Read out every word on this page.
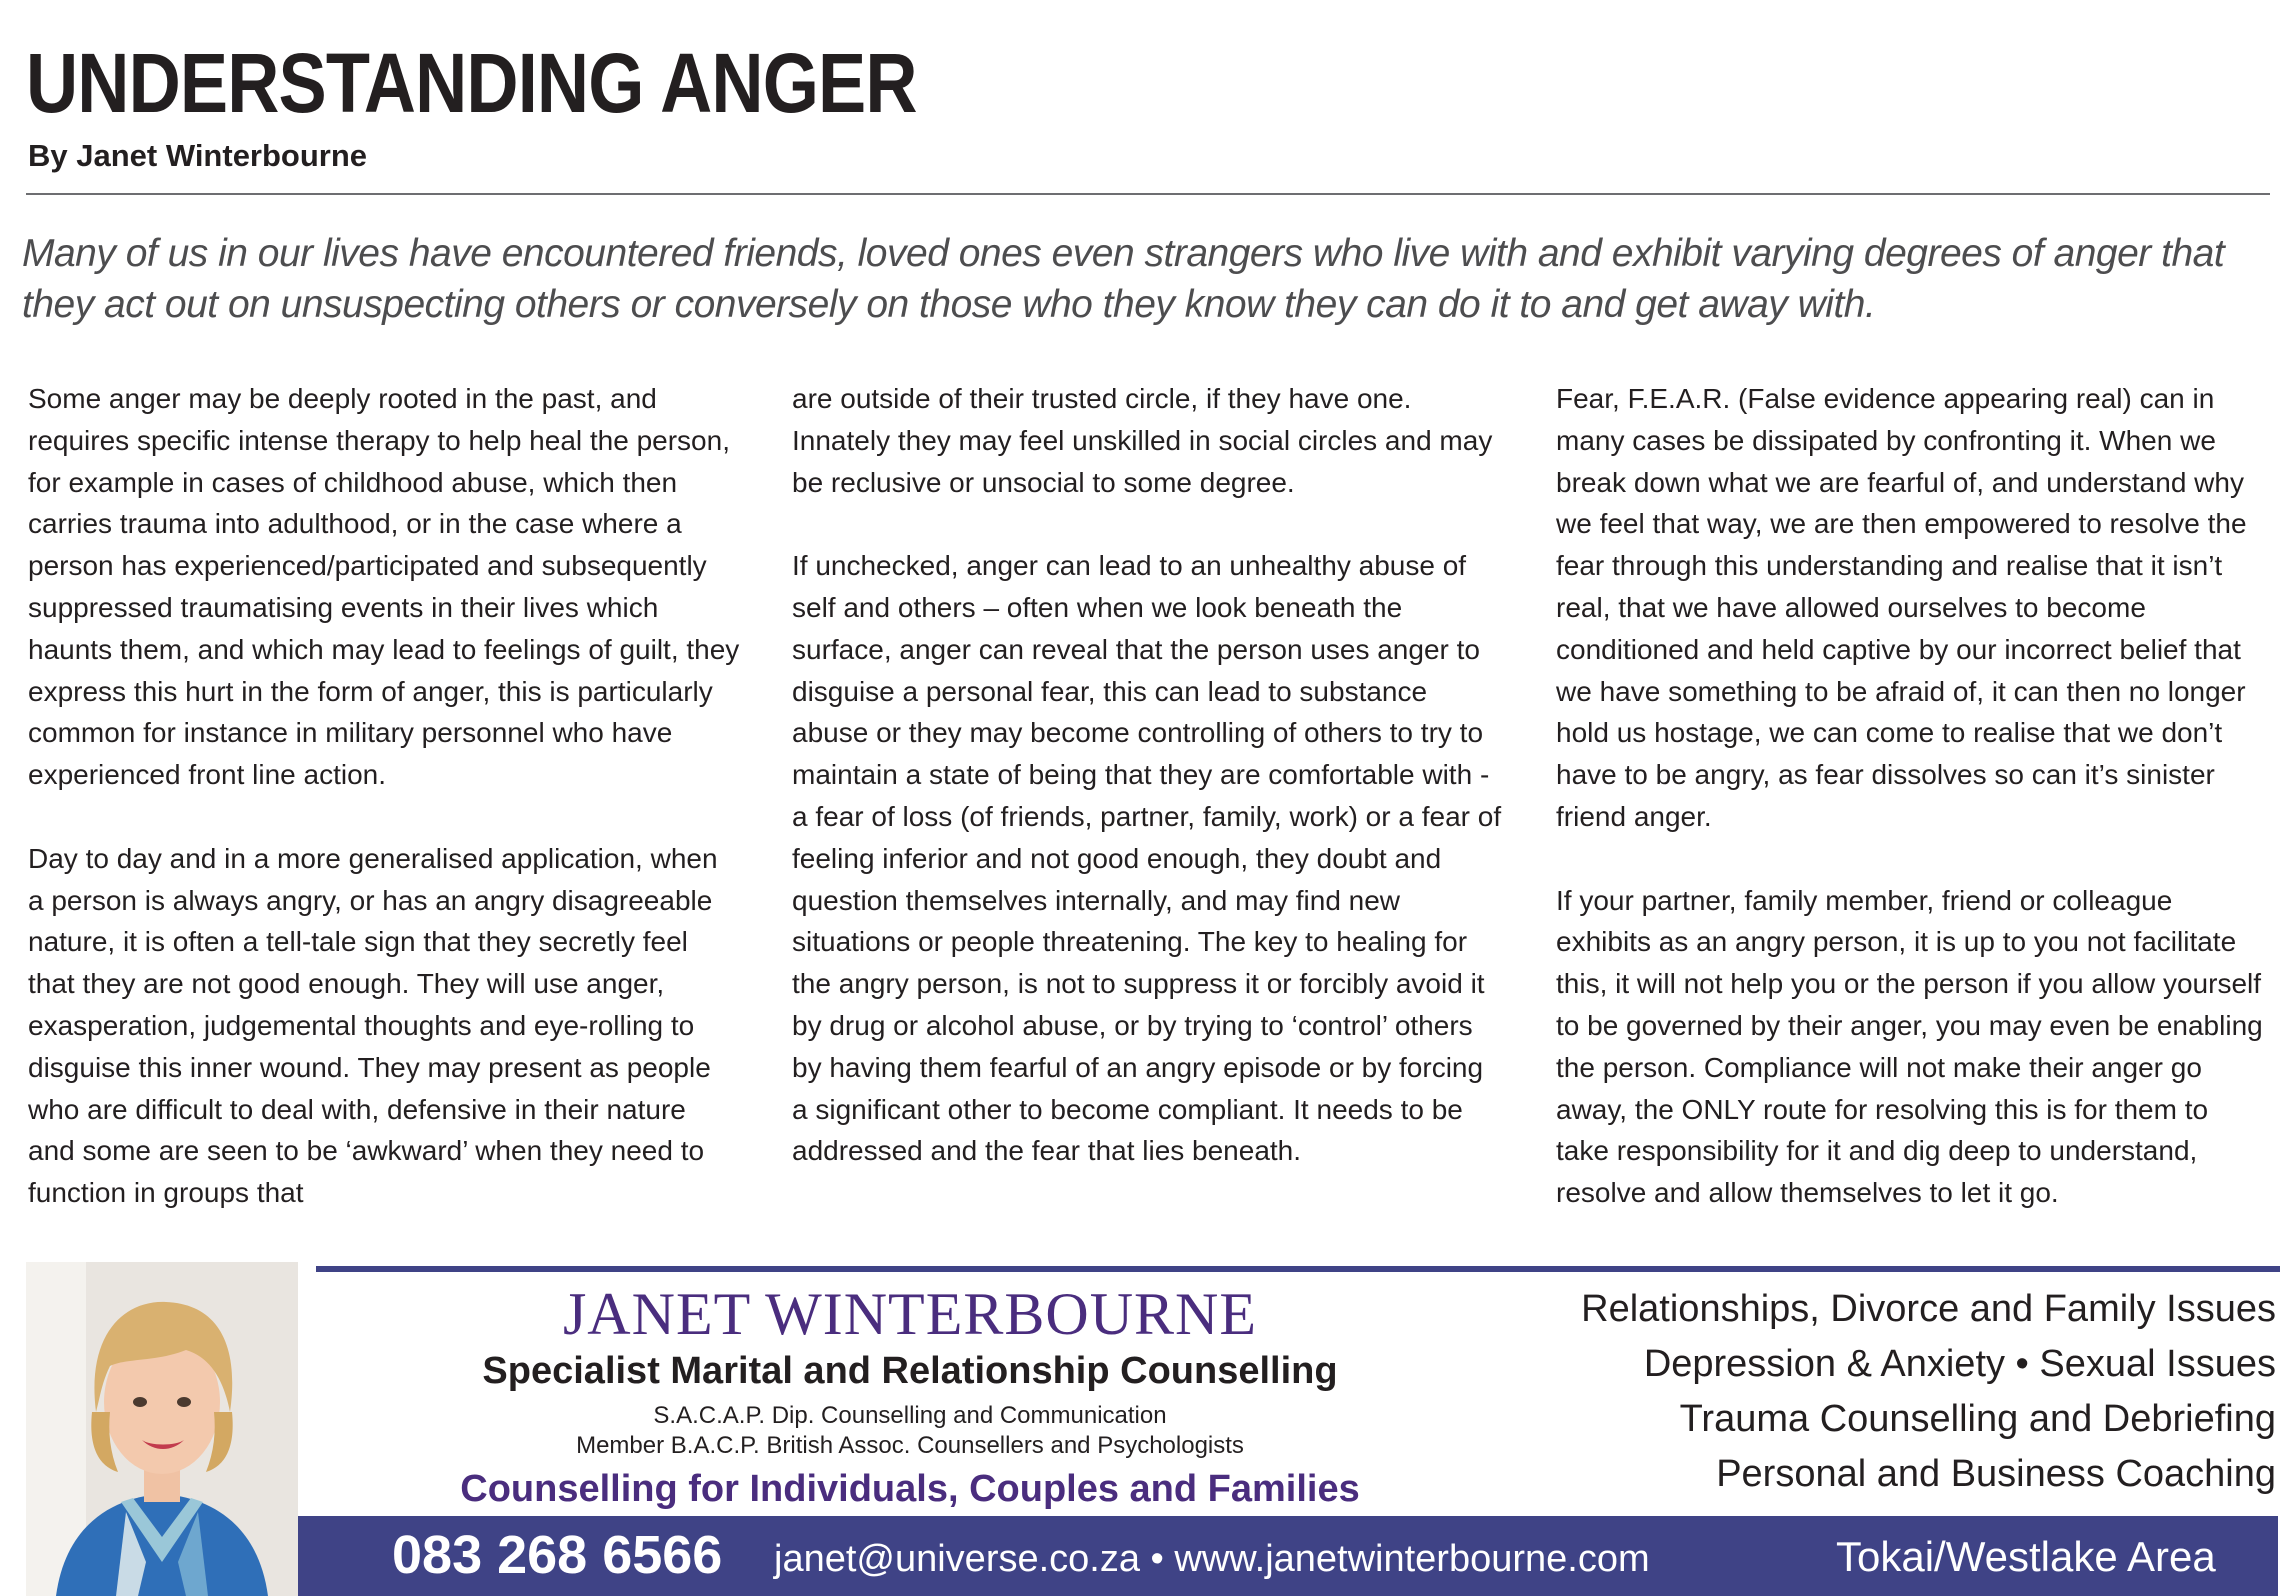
UNDERSTANDING ANGER
By Janet Winterbourne
Many of us in our lives have encountered friends, loved ones even strangers who live with and exhibit varying degrees of anger that they act out on unsuspecting others or conversely on those who they know they can do it to and get away with.

Some anger may be deeply rooted in the past, and requires specific intense therapy to help heal the person, for example in cases of childhood abuse, which then carries trauma into adulthood, or in the case where a person has experienced/participated and subsequently suppressed traumatising events in their lives which haunts them, and which may lead to feelings of guilt, they express this hurt in the form of anger, this is particularly common for instance in military personnel who have experienced front line action.

Day to day and in a more generalised application, when a person is always angry, or has an angry disagreeable nature, it is often a tell-tale sign that they secretly feel that they are not good enough. They will use anger, exasperation, judgemental thoughts and eye-rolling to disguise this inner wound. They may present as people who are difficult to deal with, defensive in their nature and some are seen to be ‘awkward’ when they need to function in groups that

are outside of their trusted circle, if they have one. Innately they may feel unskilled in social circles and may be reclusive or unsocial to some degree.

If unchecked, anger can lead to an unhealthy abuse of self and others – often when we look beneath the surface, anger can reveal that the person uses anger to disguise a personal fear, this can lead to substance abuse or they may become controlling of others to try to maintain a state of being that they are comfortable with - a fear of loss (of friends, partner, family, work) or a fear of feeling inferior and not good enough, they doubt and question themselves internally, and may find new situations or people threatening. The key to healing for the angry person, is not to suppress it or forcibly avoid it by drug or alcohol abuse, or by trying to ‘control’ others by having them fearful of an angry episode or by forcing a significant other to become compliant. It needs to be addressed and the fear that lies beneath.

Fear, F.E.A.R. (False evidence appearing real) can in many cases be dissipated by confronting it. When we break down what we are fearful of, and understand why we feel that way, we are then empowered to resolve the fear through this understanding and realise that it isn’t real, that we have allowed ourselves to become conditioned and held captive by our incorrect belief that we have something to be afraid of, it can then no longer hold us hostage, we can come to realise that we don’t have to be angry, as fear dissolves so can it’s sinister friend anger.

If your partner, family member, friend or colleague exhibits as an angry person, it is up to you not facilitate this, it will not help you or the person if you allow yourself to be governed by their anger, you may even be enabling the person. Compliance will not make their anger go away, the ONLY route for resolving this is for them to take responsibility for it and dig deep to understand, resolve and allow themselves to let it go.

JANET WINTERBOURNE
Specialist Marital and Relationship Counselling
S.A.C.A.P. Dip. Counselling and Communication
Member B.A.C.P. British Assoc. Counsellers and Psychologists
Counselling for Individuals, Couples and Families
Relationships, Divorce and Family Issues
Depression & Anxiety • Sexual Issues
Trauma Counselling and Debriefing
Personal and Business Coaching
083 268 6566 janet@universe.co.za • www.janetwinterbourne.com	Tokai/Westlake Area
